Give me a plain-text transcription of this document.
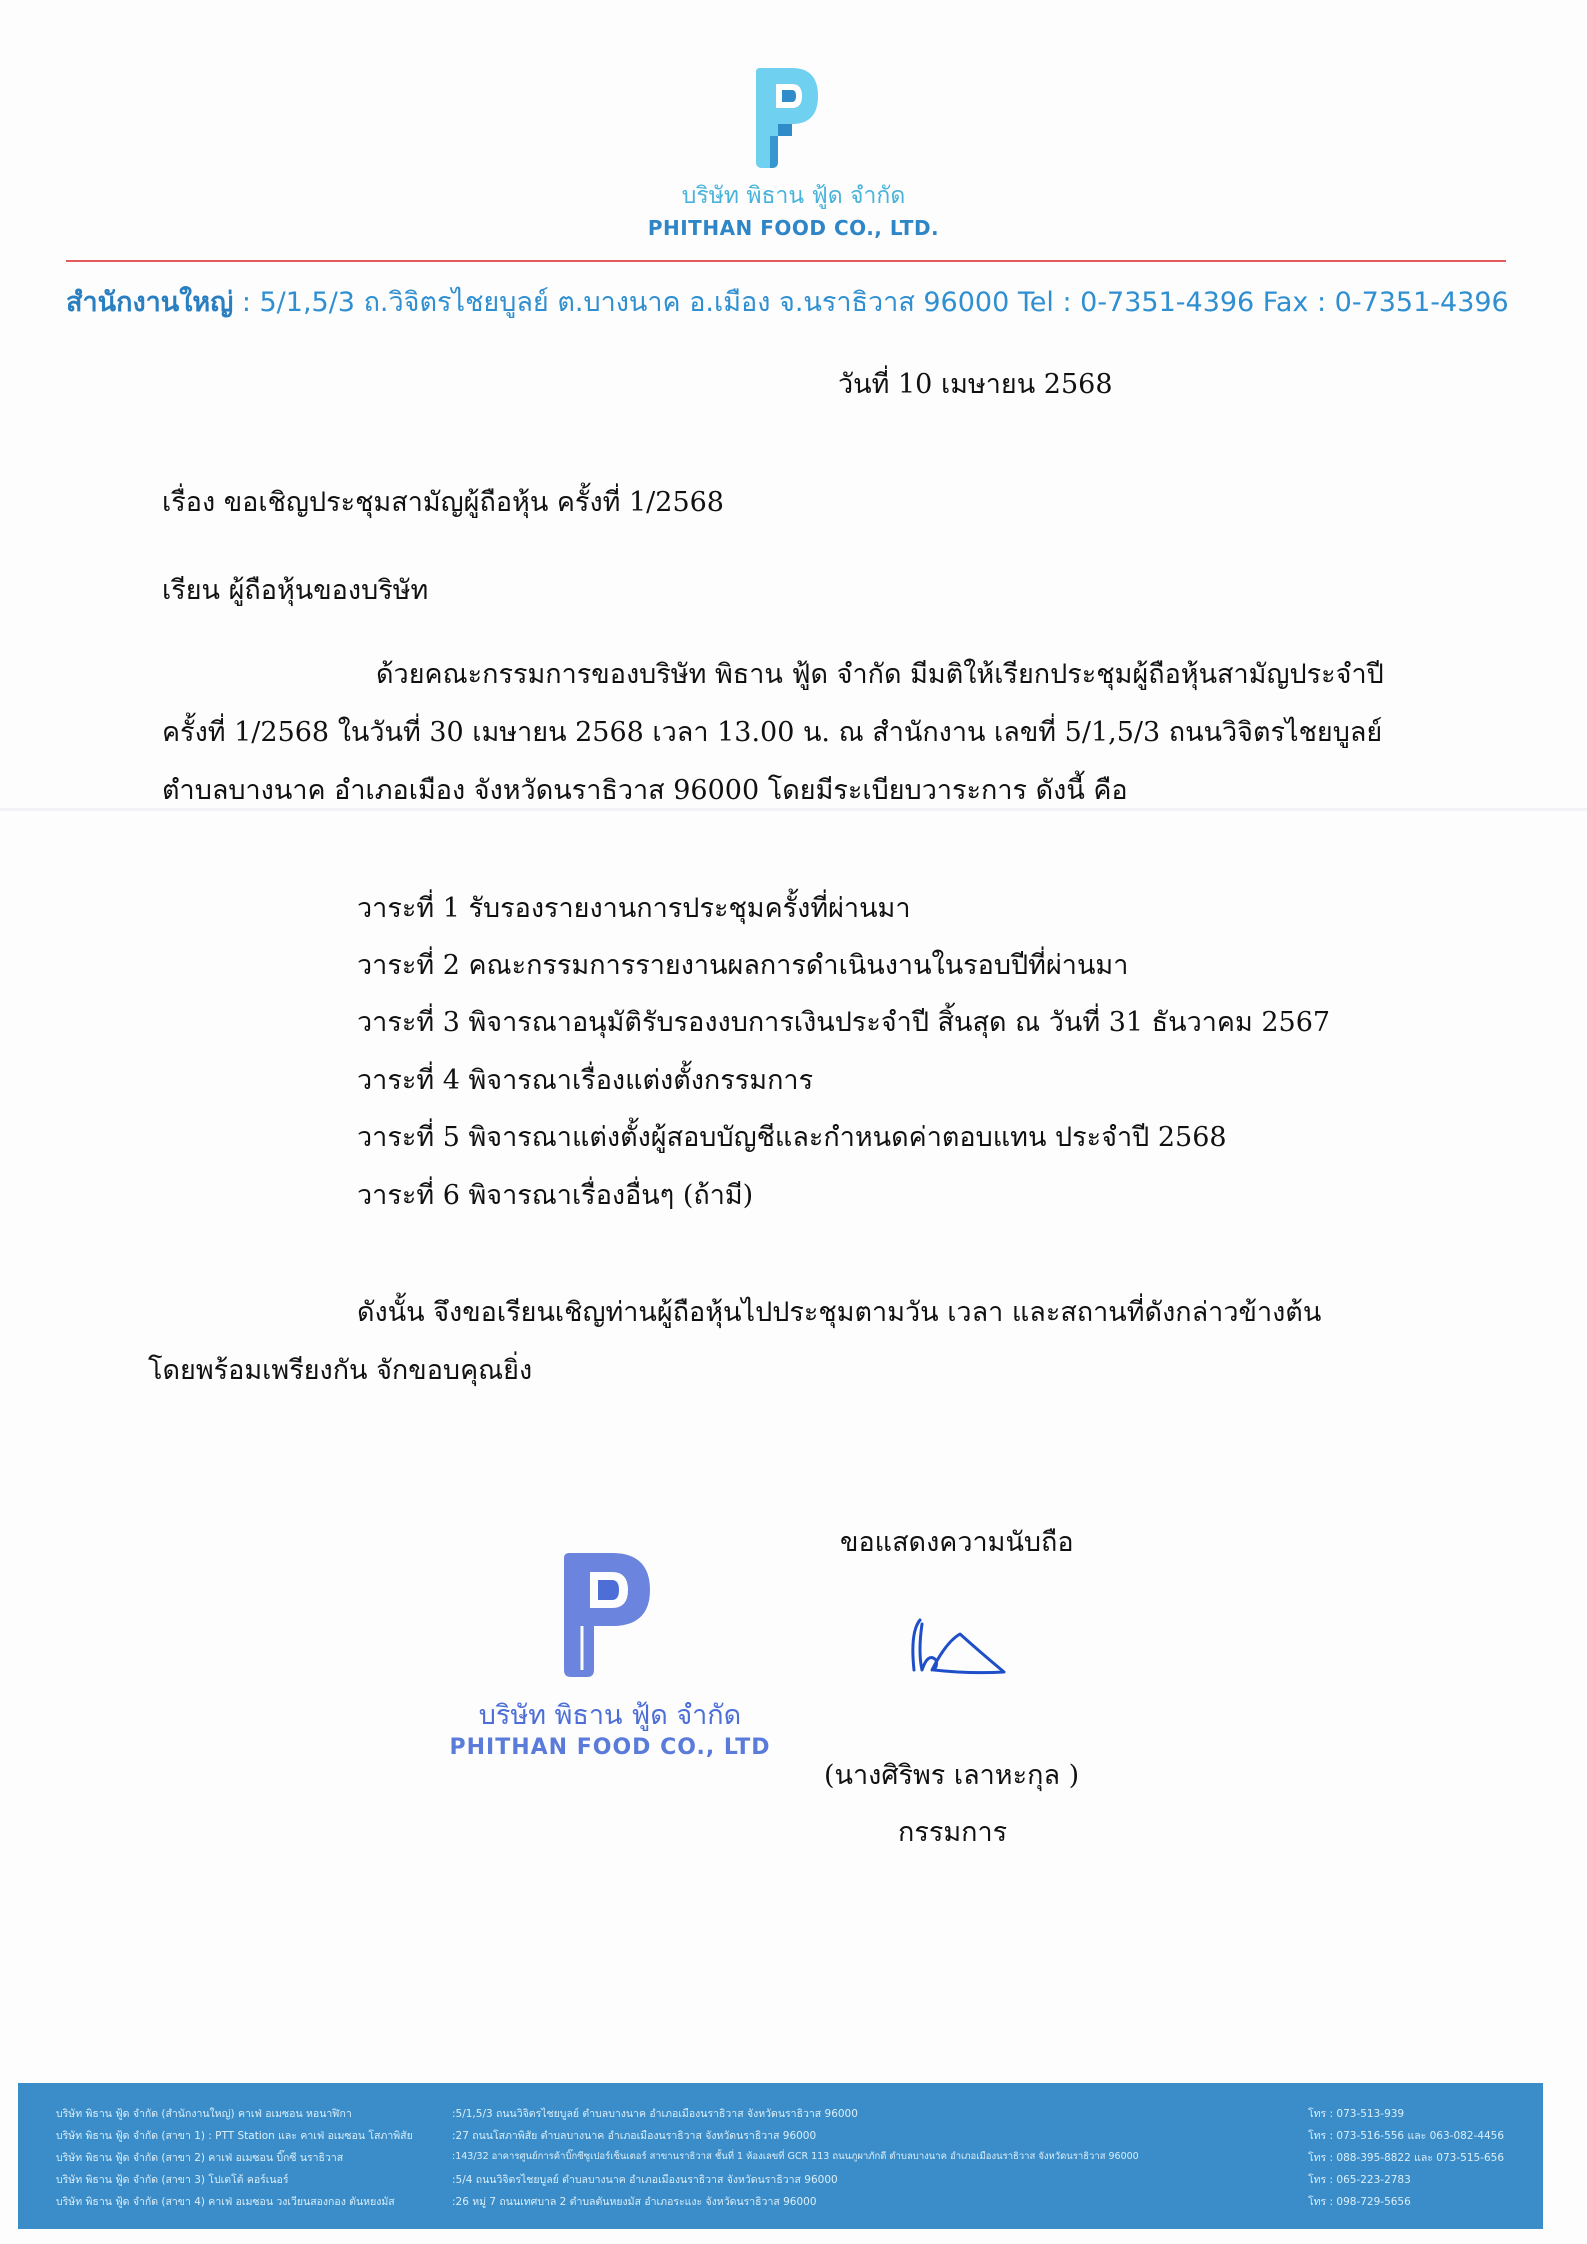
บริษัท พิธาน ฟู้ด จำกัด
PHITHAN FOOD CO., LTD.
สำนักงานใหญ่ : 5/1,5/3 ถ.วิจิตรไชยบูลย์ ต.บางนาค อ.เมือง จ.นราธิวาส 96000 Tel : 0-7351-4396 Fax : 0-7351-4396
วันที่ 10 เมษายน 2568
เรื่อง ขอเชิญประชุมสามัญผู้ถือหุ้น ครั้งที่ 1/2568
เรียน ผู้ถือหุ้นของบริษัท
ด้วยคณะกรรมการของบริษัท พิธาน ฟู้ด จำกัด มีมติให้เรียกประชุมผู้ถือหุ้นสามัญประจำปี
ครั้งที่ 1/2568 ในวันที่ 30 เมษายน 2568 เวลา 13.00 น. ณ สำนักงาน เลขที่ 5/1,5/3 ถนนวิจิตรไชยบูลย์
ตำบลบางนาค อำเภอเมือง จังหวัดนราธิวาส 96000 โดยมีระเบียบวาระการ ดังนี้ คือ
วาระที่ 1 รับรองรายงานการประชุมครั้งที่ผ่านมา
วาระที่ 2 คณะกรรมการรายงานผลการดำเนินงานในรอบปีที่ผ่านมา
วาระที่ 3 พิจารณาอนุมัติรับรองงบการเงินประจำปี สิ้นสุด ณ วันที่ 31 ธันวาคม 2567
วาระที่ 4 พิจารณาเรื่องแต่งตั้งกรรมการ
วาระที่ 5 พิจารณาแต่งตั้งผู้สอบบัญชีและกำหนดค่าตอบแทน ประจำปี 2568
วาระที่ 6 พิจารณาเรื่องอื่นๆ (ถ้ามี)
ดังนั้น จึงขอเรียนเชิญท่านผู้ถือหุ้นไปประชุมตามวัน เวลา และสถานที่ดังกล่าวข้างต้น
โดยพร้อมเพรียงกัน จักขอบคุณยิ่ง
ขอแสดงความนับถือ
บริษัท พิธาน ฟู้ด จำกัด
PHITHAN FOOD CO., LTD
(นางศิริพร เลาหะกุล )
กรรมการ
บริษัท พิธาน ฟู้ด จำกัด (สำนักงานใหญ่) คาเฟ่ อเมซอน หอนาฬิกา	:5/1,5/3 ถนนวิจิตรไชยบูลย์ ตำบลบางนาค อำเภอเมืองนราธิวาส จังหวัดนราธิวาส 96000	โทร : 073-513-939
บริษัท พิธาน ฟู้ด จำกัด (สาขา 1) : PTT Station และ คาเฟ่ อเมซอน โสภาพิสัย	:27 ถนนโสภาพิสัย ตำบลบางนาค อำเภอเมืองนราธิวาส จังหวัดนราธิวาส 96000	โทร : 073-516-556 และ 063-082-4456
บริษัท พิธาน ฟู้ด จำกัด (สาขา 2) คาเฟ่ อเมซอน บิ๊กซี นราธิวาส	:143/32 อาคารศูนย์การค้าบิ๊กซีซูเปอร์เซ็นเตอร์ สาขานราธิวาส ชั้นที่ 1 ห้องเลขที่ GCR 113 ถนนภูผาภักดี ตำบลบางนาค อำเภอเมืองนราธิวาส จังหวัดนราธิวาส 96000	โทร : 088-395-8822 และ 073-515-656
บริษัท พิธาน ฟู้ด จำกัด (สาขา 3) โปเตโต้ คอร์เนอร์	:5/4 ถนนวิจิตรไชยบูลย์ ตำบลบางนาค อำเภอเมืองนราธิวาส จังหวัดนราธิวาส 96000	โทร : 065-223-2783
บริษัท พิธาน ฟู้ด จำกัด (สาขา 4) คาเฟ่ อเมซอน วงเวียนสองกอง ตันหยงมัส	:26 หมู่ 7 ถนนเทศบาล 2 ตำบลตันหยงมัส อำเภอระแงะ จังหวัดนราธิวาส 96000	โทร : 098-729-5656
